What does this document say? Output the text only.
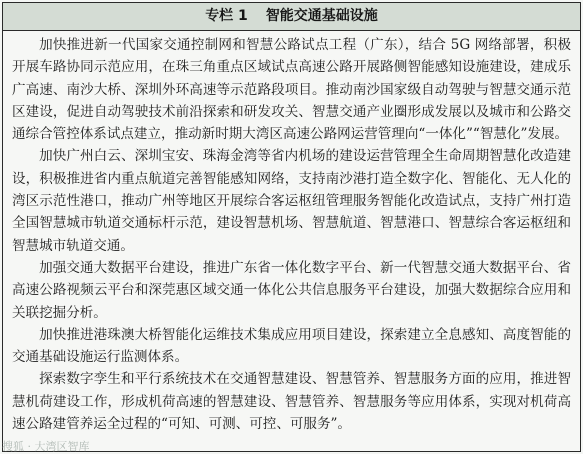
专栏 1 智能交通基础设施

加快推进新一代国家交通控制网和智慧公路试点工程（广东），结合 5G 网络部署，积极开展车路协同示范应用，在珠三角重点区域试点高速公路开展路侧智能感知设施建设，建成乐广高速、南沙大桥、深圳外环高速等示范路段项目。推动南沙国家级自动驾驶与智慧交通示范区建设，促进自动驾驶技术前沿探索和研发攻关、智慧交通产业圈形成发展以及城市和公路交通综合管控体系试点建立，推动新时期大湾区高速公路网运营管理向“一体化”“智慧化”发展。

加快广州白云、深圳宝安、珠海金湾等省内机场的建设运营管理全生命周期智慧化改造建设，积极推进省内重点航道完善智能感知网络，支持南沙港打造全数字化、智能化、无人化的湾区示范性港口，推动广州等地区开展综合客运枢纽管理服务智能化改造试点，支持广州打造全国智慧城市轨道交通标杆示范，建设智慧机场、智慧航道、智慧港口、智慧综合客运枢纽和智慧城市轨道交通。

加强交通大数据平台建设，推进广东省一体化数字平台、新一代智慧交通大数据平台、省高速公路视频云平台和深莞惠区域交通一体化公共信息服务平台建设，加强大数据综合应用和关联挖掘分析。

加快推进港珠澳大桥智能化运维技术集成应用项目建设，探索建立全息感知、高度智能的交通基础设施运行监测体系。

探索数字孪生和平行系统技术在交通智慧建设、智慧管养、智慧服务方面的应用，推进智慧机荷建设工作，形成机荷高速的智慧建设、智慧管养、智慧服务等应用体系，实现对机荷高速公路建管养运全过程的“可知、可测、可控、可服务”。

搜狐 · 大湾区智库
